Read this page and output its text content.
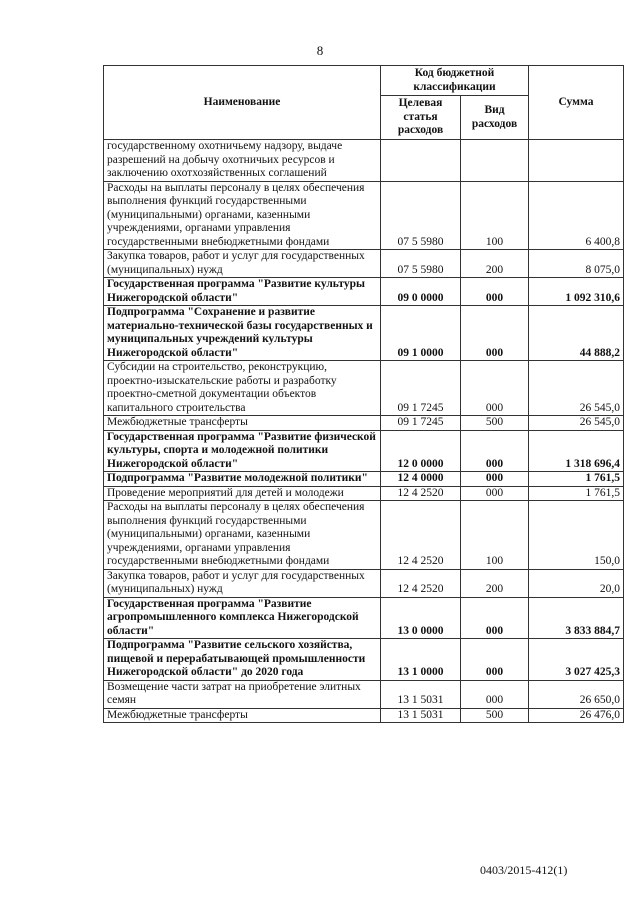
8
Наименование	Код бюджетной классификации		Сумма
	Целевая статья расходов	Вид расходов	
государственному охотничьему надзору, выдаче разрешений на добычу охотничьих ресурсов и заключению охотхозяйственных соглашений			
Расходы на выплаты персоналу в целях обеспечения выполнения функций государственными (муниципальными) органами, казенными учреждениями, органами управления государственными внебюджетными фондами	07 5 5980	100	6 400,8
Закупка товаров, работ и услуг для государственных (муниципальных) нужд	07 5 5980	200	8 075,0
Государственная программа "Развитие культуры Нижегородской области"	09 0 0000	000	1 092 310,6
Подпрограмма "Сохранение и развитие материально-технической базы государственных и муниципальных учреждений культуры Нижегородской области"	09 1 0000	000	44 888,2
Субсидии на строительство, реконструкцию, проектно-изыскательские работы и разработку проектно-сметной документации объектов капитального строительства	09 1 7245	000	26 545,0
Межбюджетные трансферты	09 1 7245	500	26 545,0
Государственная программа "Развитие физической культуры, спорта и молодежной политики Нижегородской области"	12 0 0000	000	1 318 696,4
Подпрограмма "Развитие молодежной политики"	12 4 0000	000	1 761,5
Проведение мероприятий для детей и молодежи	12 4 2520	000	1 761,5
Расходы на выплаты персоналу в целях обеспечения выполнения функций государственными (муниципальными) органами, казенными учреждениями, органами управления государственными внебюджетными фондами	12 4 2520	100	150,0
Закупка товаров, работ и услуг для государственных (муниципальных) нужд	12 4 2520	200	20,0
Государственная программа "Развитие агропромышленного комплекса Нижегородской области"	13 0 0000	000	3 833 884,7
Подпрограмма "Развитие сельского хозяйства, пищевой и перерабатывающей промышленности Нижегородской области" до 2020 года	13 1 0000	000	3 027 425,3
Возмещение части затрат на приобретение элитных семян	13 1 5031	000	26 650,0
Межбюджетные трансферты	13 1 5031	500	26 476,0
0403/2015-412(1)
